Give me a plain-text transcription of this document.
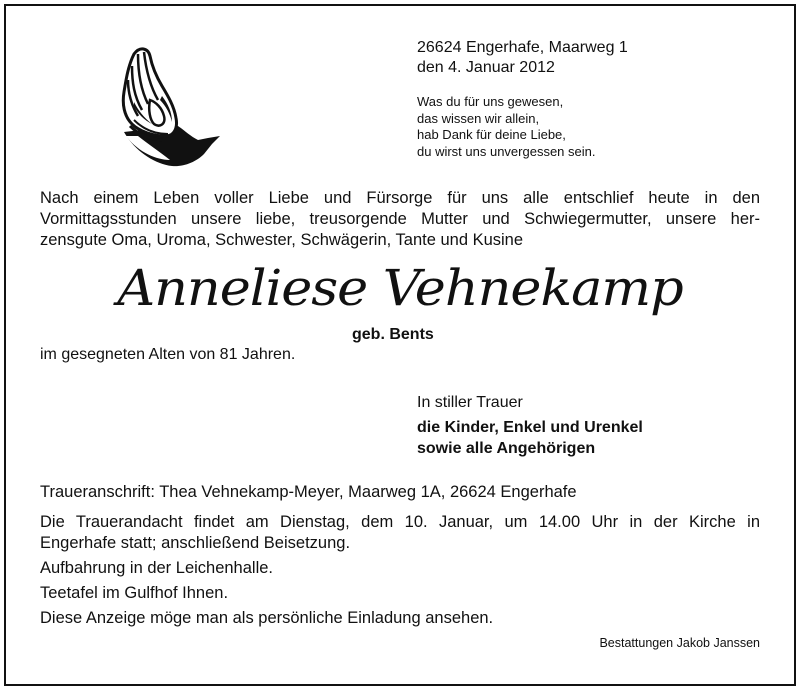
26624 Engerhafe, Maarweg 1
den 4. Januar 2012
Was du für uns gewesen,
das wissen wir allein,
hab Dank für deine Liebe,
du wirst uns unvergessen sein.
Nach einem Leben voller Liebe und Fürsorge für uns alle entschlief heute in den
Vormittagsstunden unsere liebe, treusorgende Mutter und Schwiegermutter, unsere her-
zensgute Oma, Uroma, Schwester, Schwägerin, Tante und Kusine
Anneliese Vehnekamp
geb. Bents
im gesegneten Alten von 81 Jahren.
In stiller Trauer
die Kinder, Enkel und Urenkel
sowie alle Angehörigen
Traueranschrift: Thea Vehnekamp-Meyer, Maarweg 1A, 26624 Engerhafe
Die Trauerandacht findet am Dienstag, dem 10. Januar, um 14.00 Uhr in der Kirche in
Engerhafe statt; anschließend Beisetzung.
Aufbahrung in der Leichenhalle.
Teetafel im Gulfhof Ihnen.
Diese Anzeige möge man als persönliche Einladung ansehen.
Bestattungen Jakob Janssen
